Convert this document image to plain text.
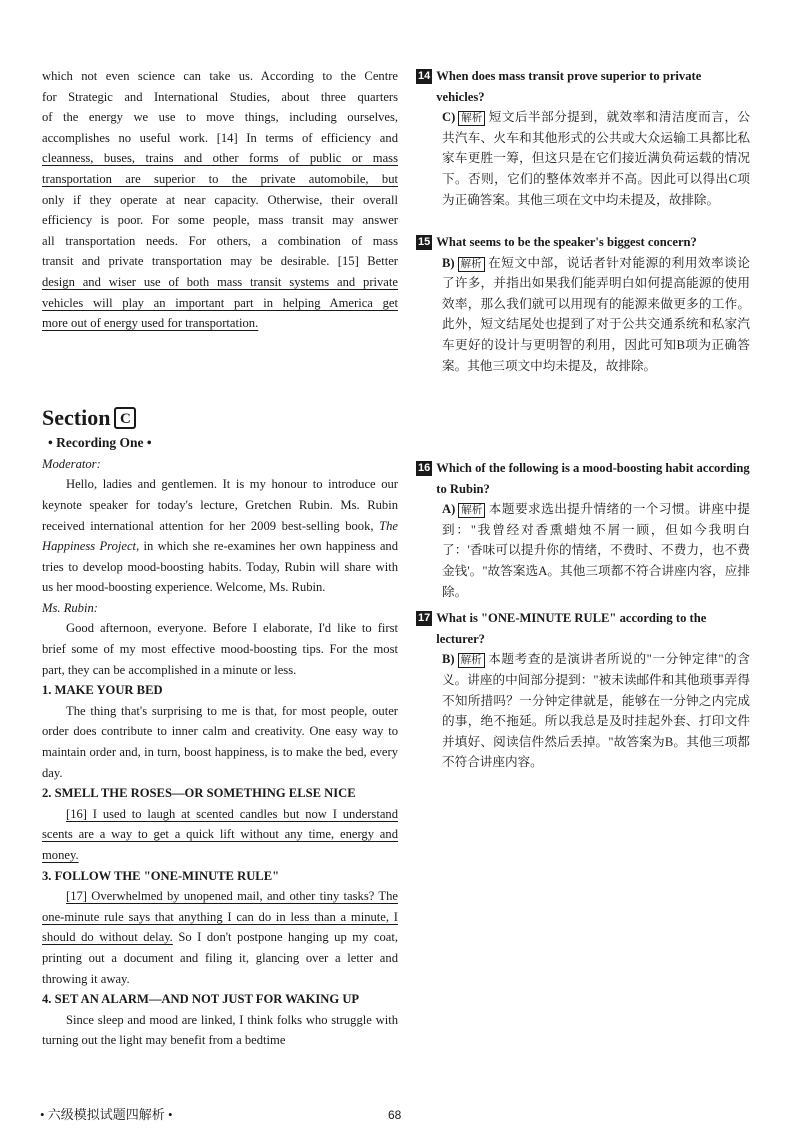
which not even science can take us. According to the Centre

for Strategic and International Studies, about three quarters

of the energy we use to move things, including ourselves,

accomplishes no useful work. [14] In terms of efficiency and

cleanness, buses, trains and other forms of public or mass

transportation are superior to the private automobile, but

only if they operate at near capacity. Otherwise, their overall

efficiency is poor. For some people, mass transit may answer

all transportation needs. For others, a combination of mass

transit and private transportation may be desirable. [15] Better

design and wiser use of both mass transit systems and private

vehicles will play an important part in helping America get

more out of energy used for transportation.

Section C

• Recording One •

Moderator:

Hello, ladies and gentlemen. It is my honour to introduce our keynote speaker for today's lecture, Gretchen Rubin. Ms. Rubin received international attention for her 2009 best-selling book, The Happiness Project, in which she re-examines her own happiness and tries to develop mood-boosting habits. Today, Rubin will share with us her mood-boosting experience. Welcome, Ms. Rubin.

Ms. Rubin:

Good afternoon, everyone. Before I elaborate, I'd like to first brief some of my most effective mood-boosting tips. For the most part, they can be accomplished in a minute or less.

1. MAKE YOUR BED

The thing that's surprising to me is that, for most people, outer order does contribute to inner calm and creativity. One easy way to maintain order and, in turn, boost happiness, is to make the bed, every day.

2. SMELL THE ROSES—OR SOMETHING ELSE NICE

[16] I used to laugh at scented candles but now I understand scents are a way to get a quick lift without any time, energy and money.

3. FOLLOW THE "ONE-MINUTE RULE"

[17] Overwhelmed by unopened mail, and other tiny tasks? The one-minute rule says that anything I can do in less than a minute, I should do without delay. So I don't postpone hanging up my coat, printing out a document and filing it, glancing over a letter and throwing it away.

4. SET AN ALARM—AND NOT JUST FOR WAKING UP

Since sleep and mood are linked, I think folks who struggle with turning out the light may benefit from a bedtime

14 When does mass transit prove superior to private vehicles?

C) 解析 短文后半部分提到，就效率和清洁度而言，公共汽车、火车和其他形式的公共或大众运输工具都比私家车更胜一筹，但这只是在它们接近满负荷运载的情况下。否则，它们的整体效率并不高。因此可以得出C项为正确答案。其他三项在文中均未提及，故排除。

15 What seems to be the speaker's biggest concern?

B) 解析 在短文中部，说话者针对能源的利用效率谈论了许多，并指出如果我们能弄明白如何提高能源的使用效率，那么我们就可以用现有的能源来做更多的工作。此外，短文结尾处也提到了对于公共交通系统和私家汽车更好的设计与更明智的利用，因此可知B项为正确答案。其他三项文中均未提及，故排除。

16 Which of the following is a mood-boosting habit according to Rubin?

A) 解析 本题要求选出提升情绪的一个习惯。讲座中提到："我曾经对香熏蜡烛不屑一顾，但如今我明白了：'香味可以提升你的情绪，不费时、不费力，也不费金钱'。"故答案选A。其他三项都不符合讲座内容，应排除。

17 What is "ONE-MINUTE RULE" according to the lecturer?

B) 解析 本题考查的是演讲者所说的"一分钟定律"的含义。讲座的中间部分提到："被未读邮件和其他琐事弄得不知所措吗？一分钟定律就是，能够在一分钟之内完成的事，绝不拖延。所以我总是及时挂起外套、打印文件并填好、阅读信件然后丢掉。"故答案为B。其他三项都不符合讲座内容。

• 六级模拟试题四解析 •	68
